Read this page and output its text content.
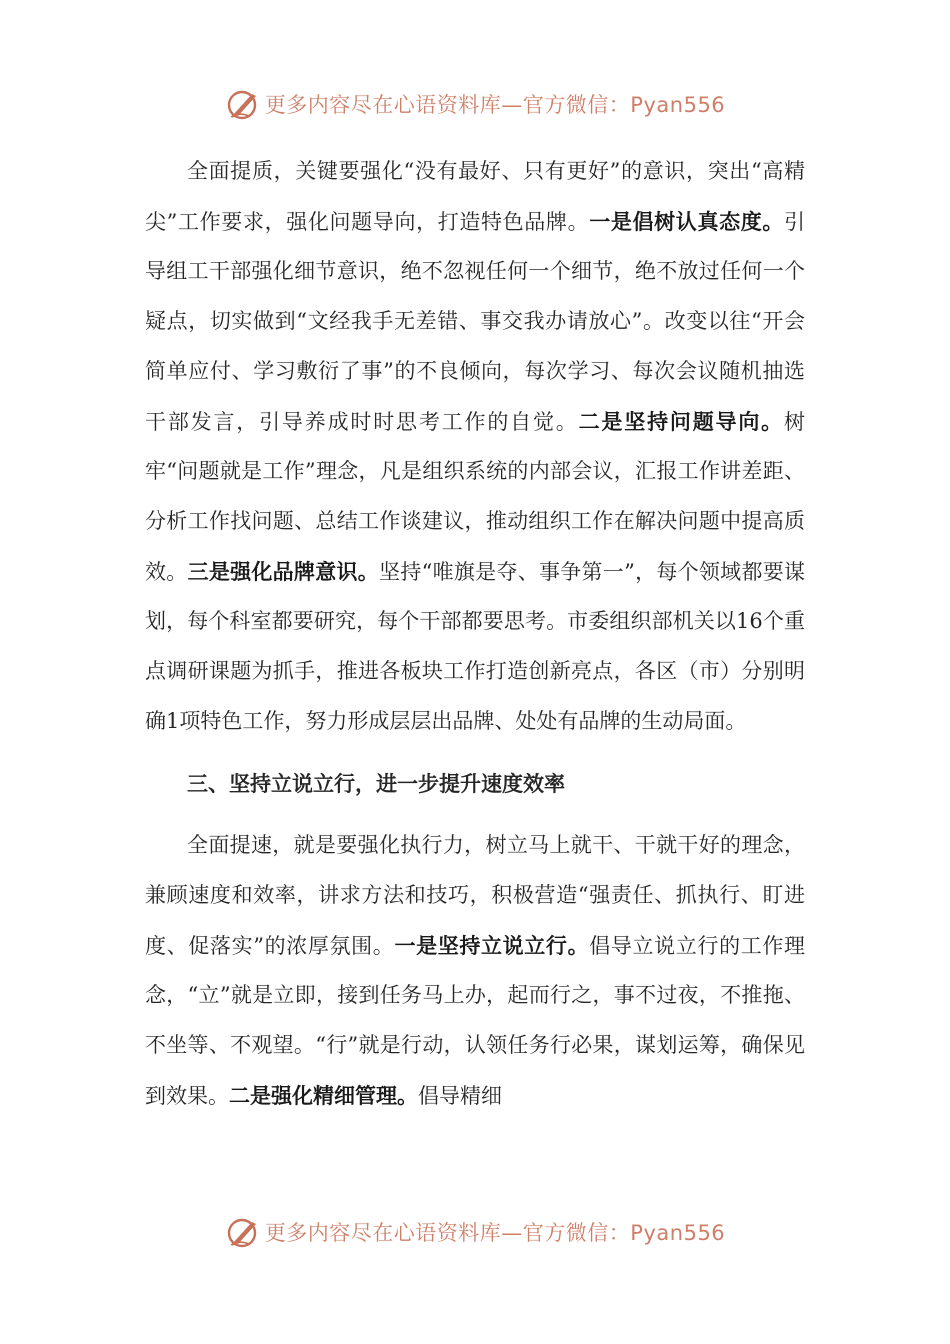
更多内容尽在心语资料库—官方微信：Pyan556

全面提质，关键要强化“没有最好、只有更好”的意识，突出“高精尖”工作要求，强化问题导向，打造特色品牌。一是倡树认真态度。引导组工干部强化细节意识，绝不忽视任何一个细节，绝不放过任何一个疑点，切实做到“文经我手无差错、事交我办请放心”。改变以往“开会简单应付、学习敷衍了事”的不良倾向，每次学习、每次会议随机抽选干部发言，引导养成时时思考工作的自觉。二是坚持问题导向。树牢“问题就是工作”理念，凡是组织系统的内部会议，汇报工作讲差距、分析工作找问题、总结工作谈建议，推动组织工作在解决问题中提高质效。三是强化品牌意识。坚持“唯旗是夺、事争第一”，每个领域都要谋划，每个科室都要研究，每个干部都要思考。市委组织部机关以16个重点调研课题为抓手，推进各板块工作打造创新亮点，各区（市）分别明确1项特色工作，努力形成层层出品牌、处处有品牌的生动局面。

三、坚持立说立行，进一步提升速度效率

全面提速，就是要强化执行力，树立马上就干、干就干好的理念，兼顾速度和效率，讲求方法和技巧，积极营造“强责任、抓执行、盯进度、促落实”的浓厚氛围。一是坚持立说立行。倡导立说立行的工作理念，“立”就是立即，接到任务马上办，起而行之，事不过夜，不推拖、不坐等、不观望。“行”就是行动，认领任务行必果，谋划运筹，确保见到效果。二是强化精细管理。倡导精细

更多内容尽在心语资料库—官方微信：Pyan556
